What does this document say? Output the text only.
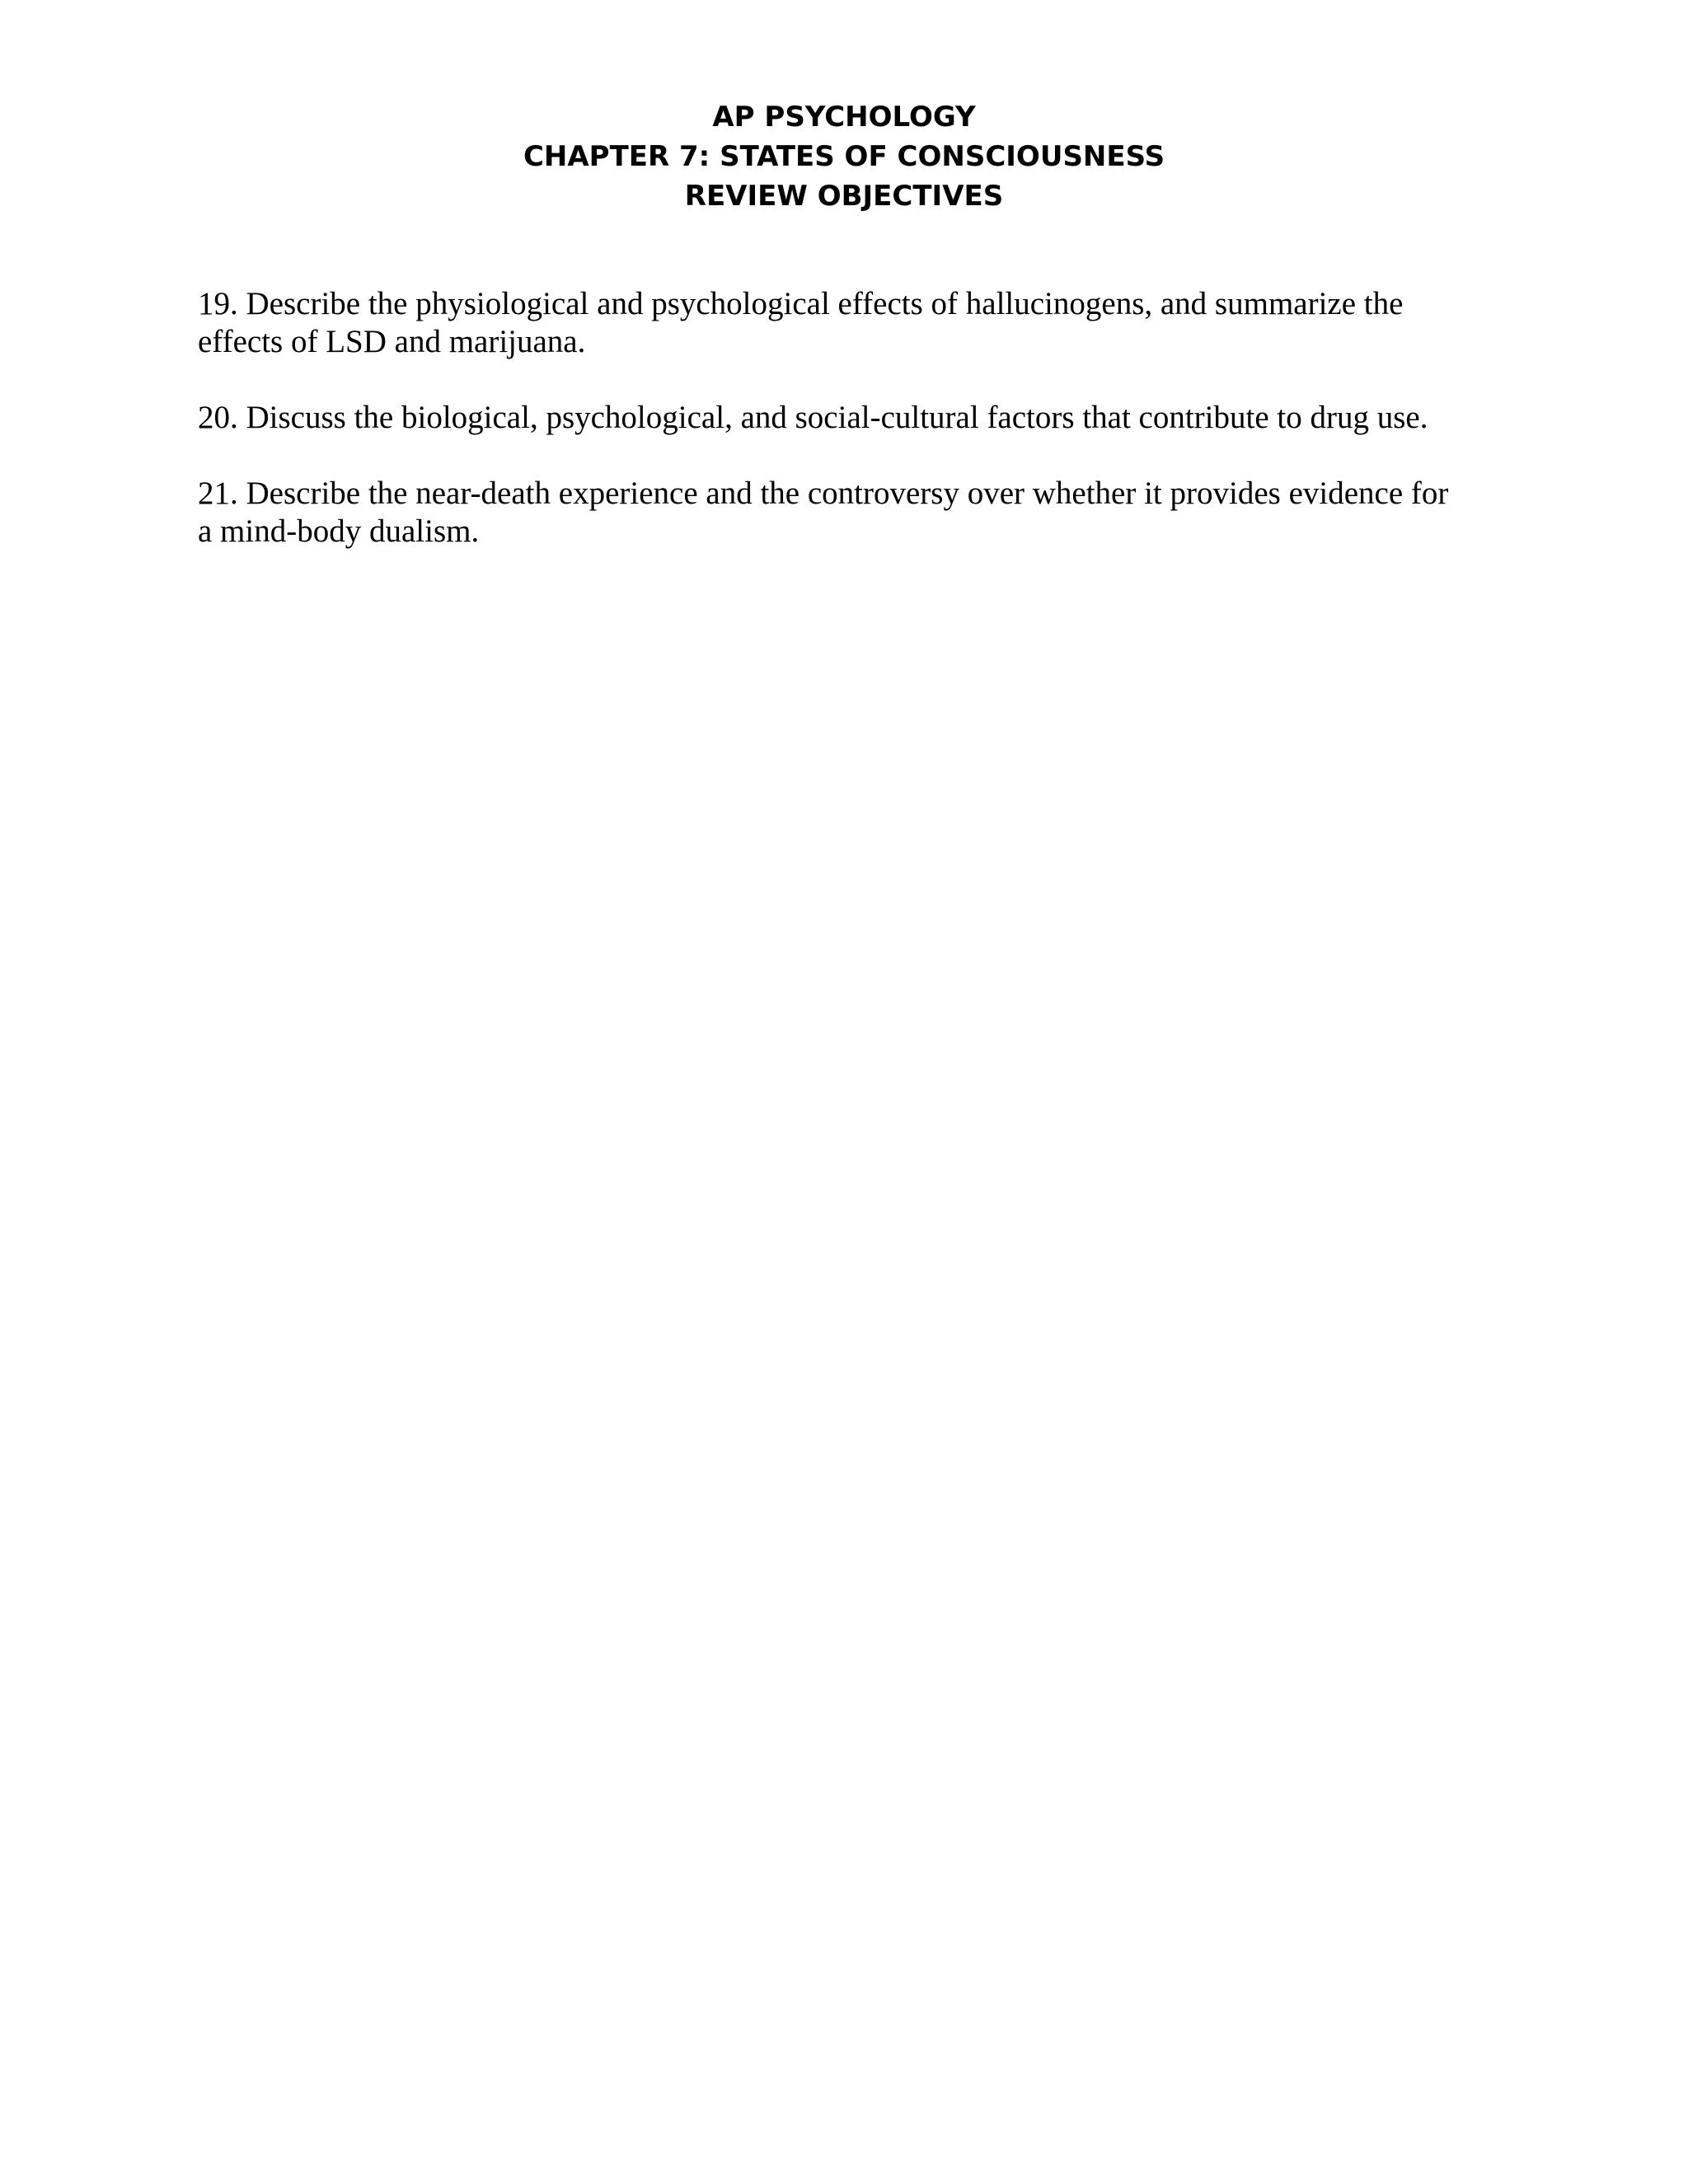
AP PSYCHOLOGY
CHAPTER 7: STATES OF CONSCIOUSNESS
REVIEW OBJECTIVES
19. Describe the physiological and psychological effects of hallucinogens, and summarize the
effects of LSD and marijuana.
20. Discuss the biological, psychological, and social-cultural factors that contribute to drug use.
21. Describe the near-death experience and the controversy over whether it provides evidence for
a mind-body dualism.
